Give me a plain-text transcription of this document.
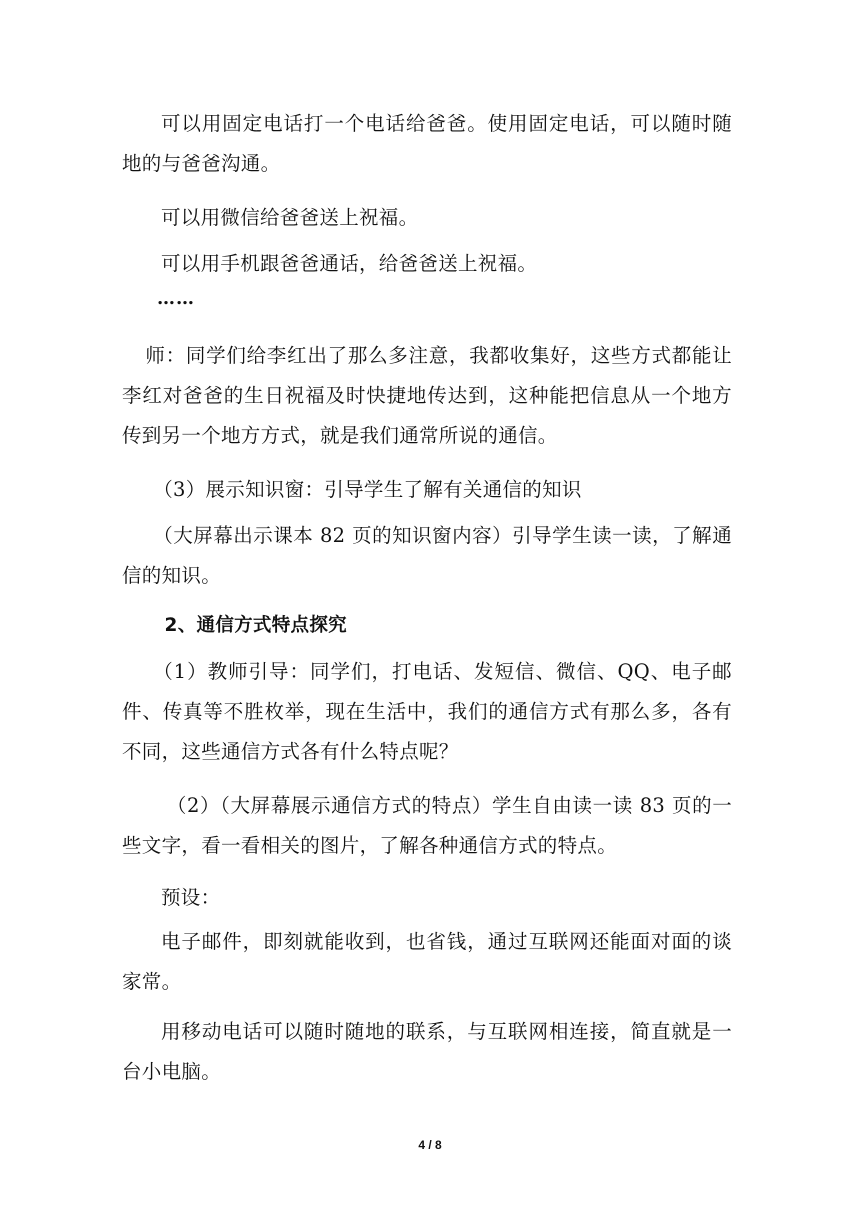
可以用固定电话打一个电话给爸爸。使用固定电话，可以随时随地的与爸爸沟通。

可以用微信给爸爸送上祝福。

可以用手机跟爸爸通话，给爸爸送上祝福。

……

师：同学们给李红出了那么多注意，我都收集好，这些方式都能让李红对爸爸的生日祝福及时快捷地传达到，这种能把信息从一个地方传到另一个地方方式，就是我们通常所说的通信。

（3）展示知识窗：引导学生了解有关通信的知识

（大屏幕出示课本 82 页的知识窗内容）引导学生读一读，了解通信的知识。

2、通信方式特点探究

（1）教师引导：同学们，打电话、发短信、微信、QQ、电子邮件、传真等不胜枚举，现在生活中，我们的通信方式有那么多，各有不同，这些通信方式各有什么特点呢？

（2）（大屏幕展示通信方式的特点）学生自由读一读 83 页的一些文字，看一看相关的图片，了解各种通信方式的特点。

预设：

电子邮件，即刻就能收到，也省钱，通过互联网还能面对面的谈家常。

用移动电话可以随时随地的联系，与互联网相连接，简直就是一台小电脑。

4 / 8
